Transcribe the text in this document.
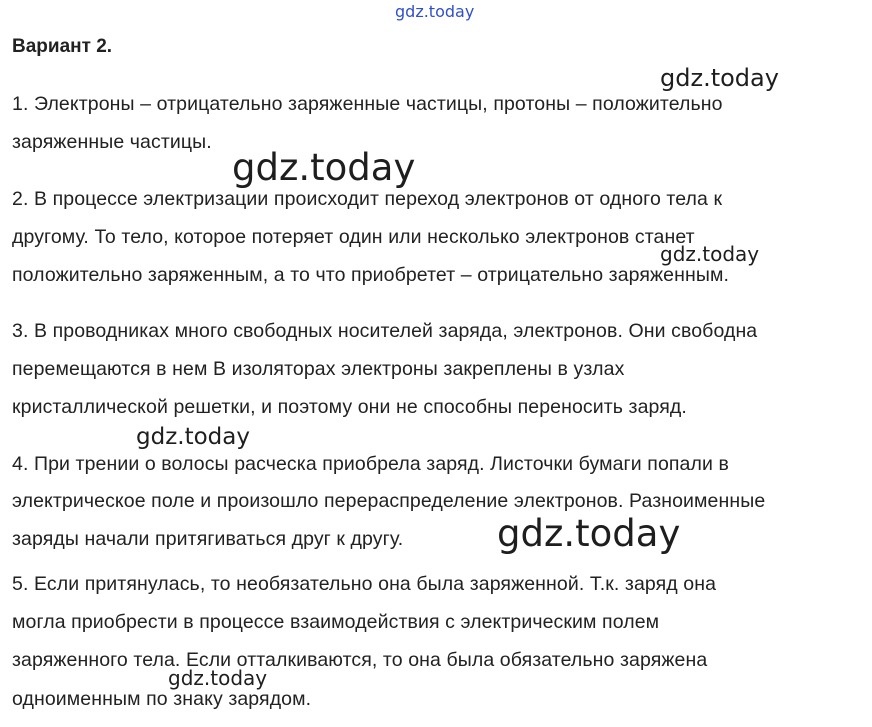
gdz.today
Вариант 2.
1. Электроны – отрицательно заряженные частицы, протоны – положительно
заряженные частицы.
2. В процессе электризации происходит переход электронов от одного тела к
другому. То тело, которое потеряет один или несколько электронов станет
положительно заряженным, а то что приобретет – отрицательно заряженным.
3. В проводниках много свободных носителей заряда, электронов. Они свободна
перемещаются в нем В изоляторах электроны закреплены в узлах
кристаллической решетки, и поэтому они не способны переносить заряд.
4. При трении о волосы расческа приобрела заряд. Листочки бумаги попали в
электрическое поле и произошло перераспределение электронов. Разноименные
заряды начали притягиваться друг к другу.
5. Если притянулась, то необязательно она была заряженной. Т.к. заряд она
могла приобрести в процессе взаимодействия с электрическим полем
заряженного тела. Если отталкиваются, то она была обязательно заряжена
одноименным по знаку зарядом.
gdz.today
gdz.today
gdz.today
gdz.today
gdz.today
gdz.today
